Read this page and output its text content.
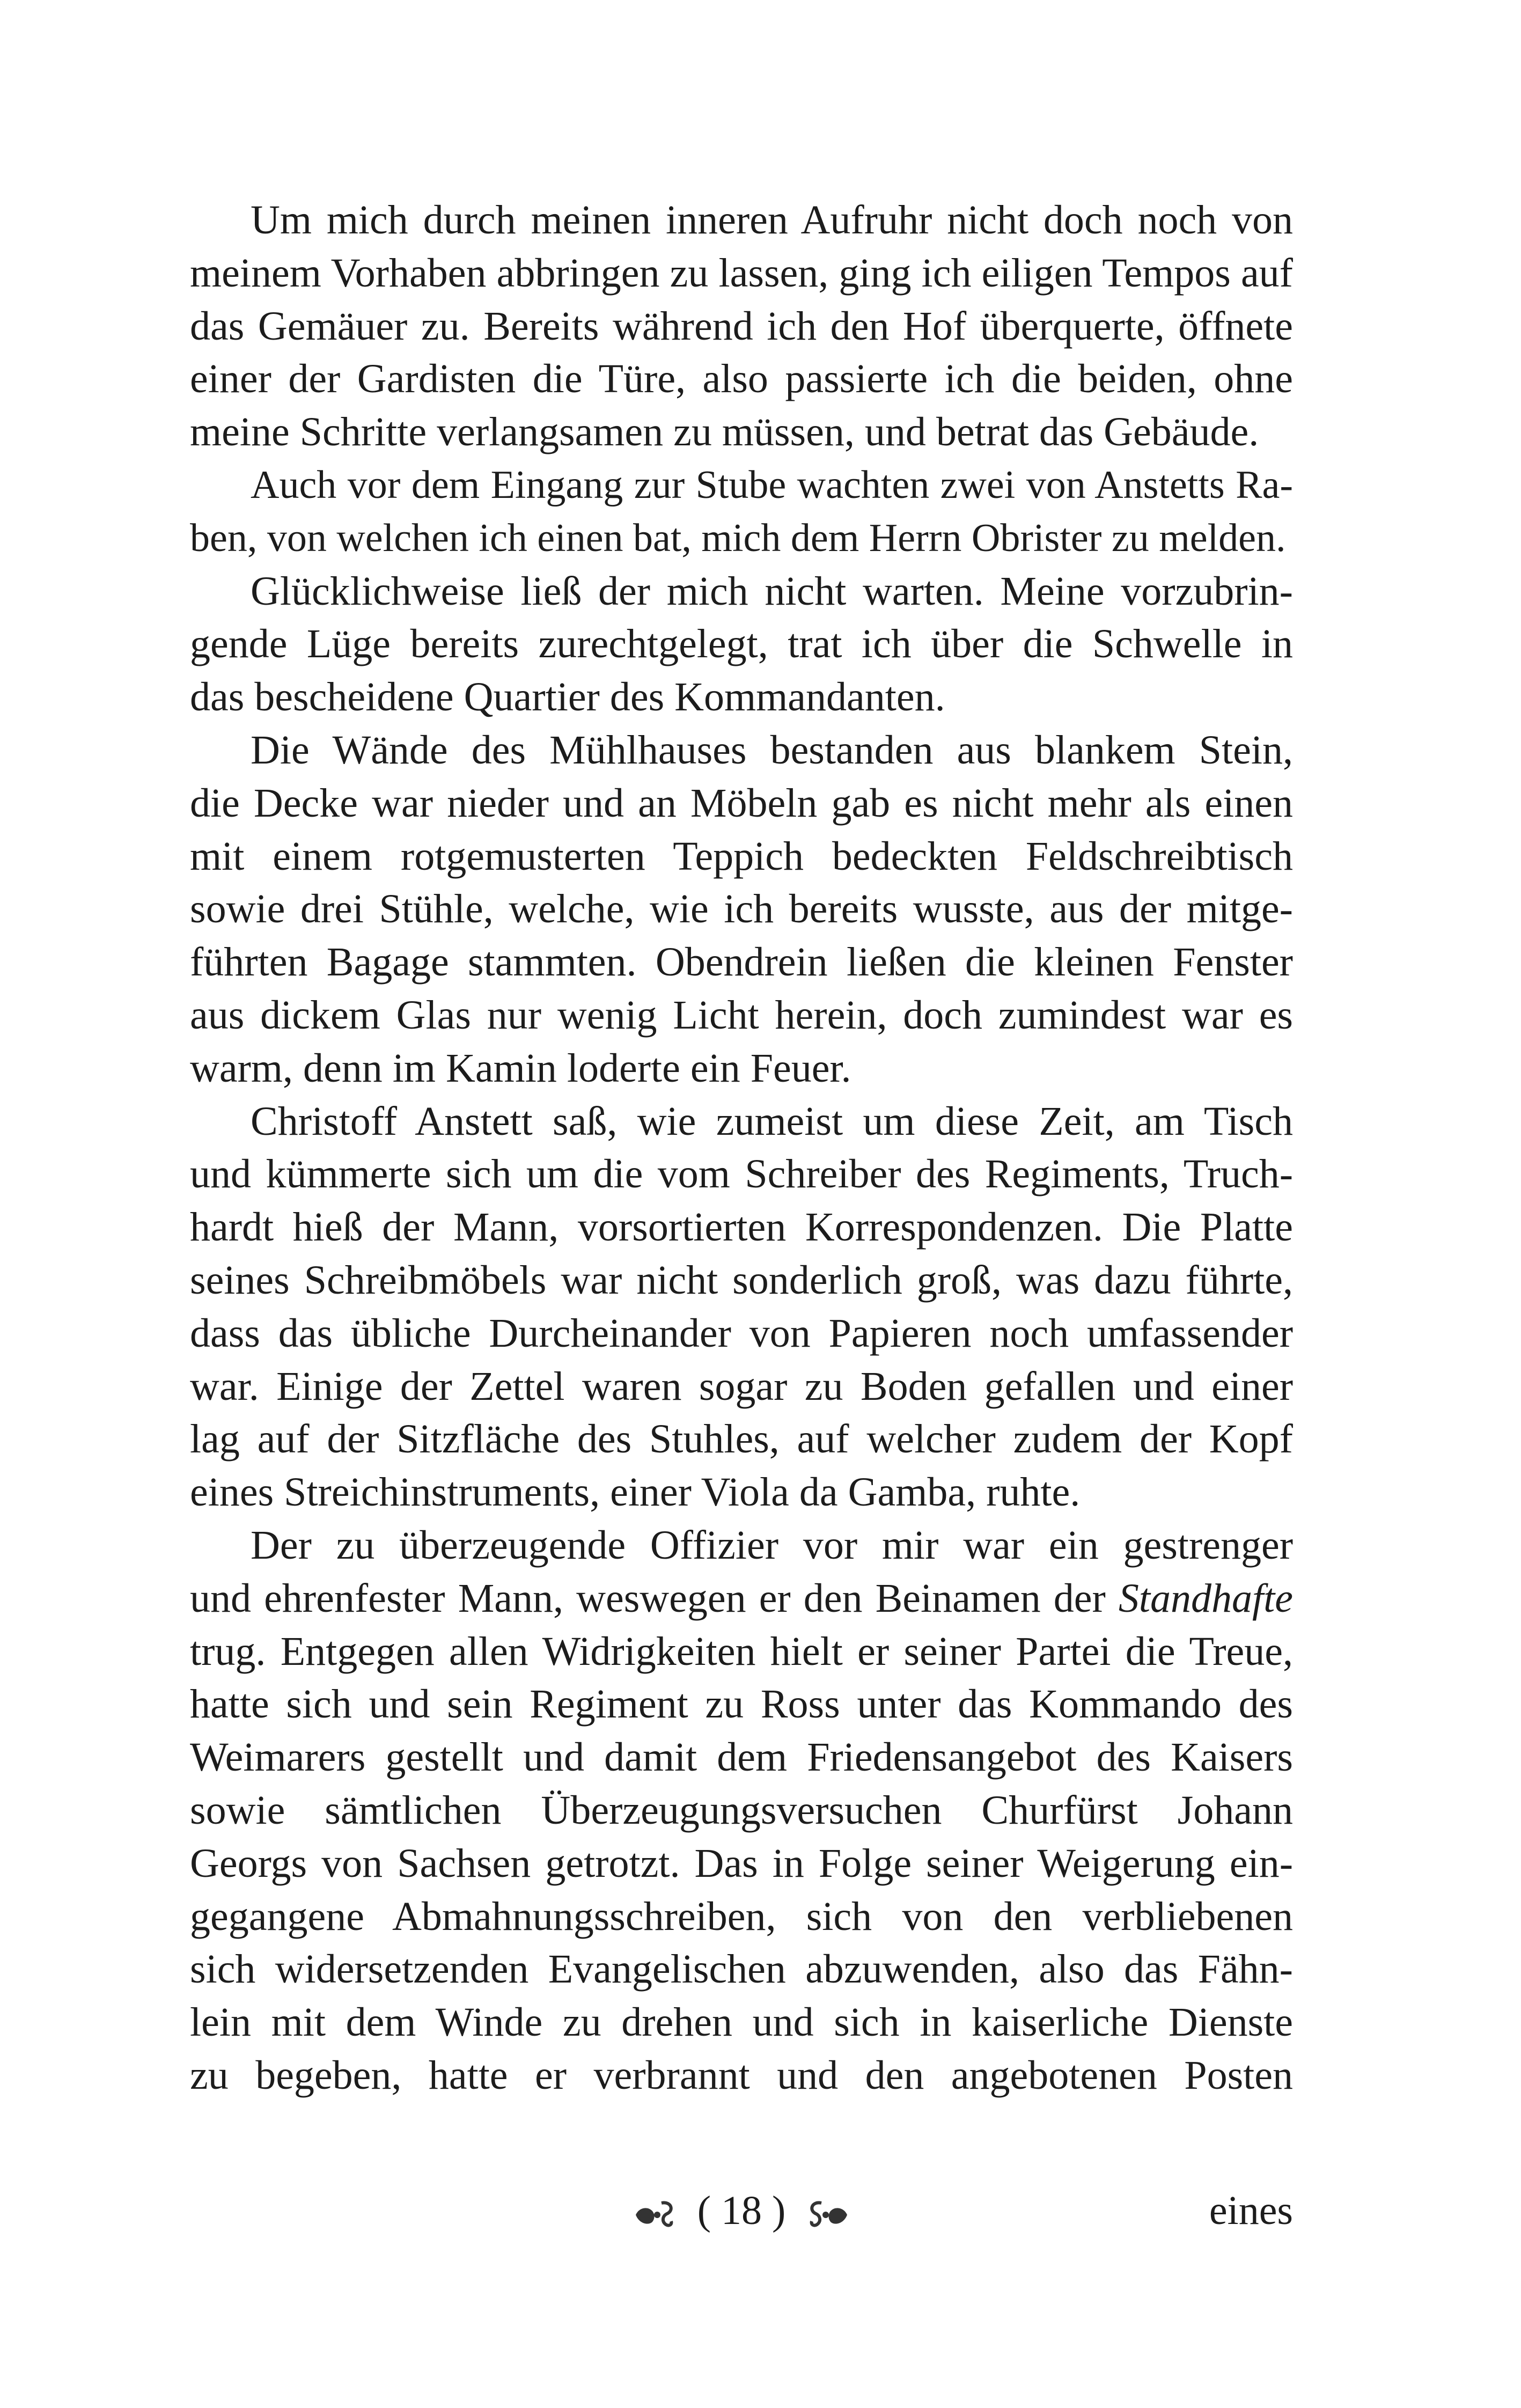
Um mich durch meinen inneren Aufruhr nicht doch noch von
meinem Vorhaben abbringen zu lassen, ging ich eiligen Tempos auf
das Gemäuer zu. Bereits während ich den Hof überquerte, öffnete
einer der Gardisten die Türe, also passierte ich die beiden, ohne
meine Schritte verlangsamen zu müssen, und betrat das Gebäude.
Auch vor dem Eingang zur Stube wachten zwei von Anstetts Ra-
ben, von welchen ich einen bat, mich dem Herrn Obrister zu melden.
Glücklichweise ließ der mich nicht warten. Meine vorzubrin-
gende Lüge bereits zurechtgelegt, trat ich über die Schwelle in
das bescheidene Quartier des Kommandanten.
Die Wände des Mühlhauses bestanden aus blankem Stein,
die Decke war nieder und an Möbeln gab es nicht mehr als einen
mit einem rotgemusterten Teppich bedeckten Feldschreibtisch
sowie drei Stühle, welche, wie ich bereits wusste, aus der mitge-
führten Bagage stammten. Obendrein ließen die kleinen Fenster
aus dickem Glas nur wenig Licht herein, doch zumindest war es
warm, denn im Kamin loderte ein Feuer.
Christoff Anstett saß, wie zumeist um diese Zeit, am Tisch
und kümmerte sich um die vom Schreiber des Regiments, Truch-
hardt hieß der Mann, vorsortierten Korrespondenzen. Die Platte
seines Schreibmöbels war nicht sonderlich groß, was dazu führte,
dass das übliche Durcheinander von Papieren noch umfassender
war. Einige der Zettel waren sogar zu Boden gefallen und einer
lag auf der Sitzfläche des Stuhles, auf welcher zudem der Kopf
eines Streichinstruments, einer Viola da Gamba, ruhte.
Der zu überzeugende Offizier vor mir war ein gestrenger
und ehrenfester Mann, weswegen er den Beinamen der Standhafte
trug. Entgegen allen Widrigkeiten hielt er seiner Partei die Treue,
hatte sich und sein Regiment zu Ross unter das Kommando des
Weimarers gestellt und damit dem Friedensangebot des Kaisers
sowie sämtlichen Überzeugungsversuchen Churfürst Johann
Georgs von Sachsen getrotzt. Das in Folge seiner Weigerung ein-
gegangene Abmahnungsschreiben, sich von den verbliebenen
sich widersetzenden Evangelischen abzuwenden, also das Fähn-
lein mit dem Winde zu drehen und sich in kaiserliche Dienste
zu begeben, hatte er verbrannt und den angebotenen Posten
( 18 )	eines
